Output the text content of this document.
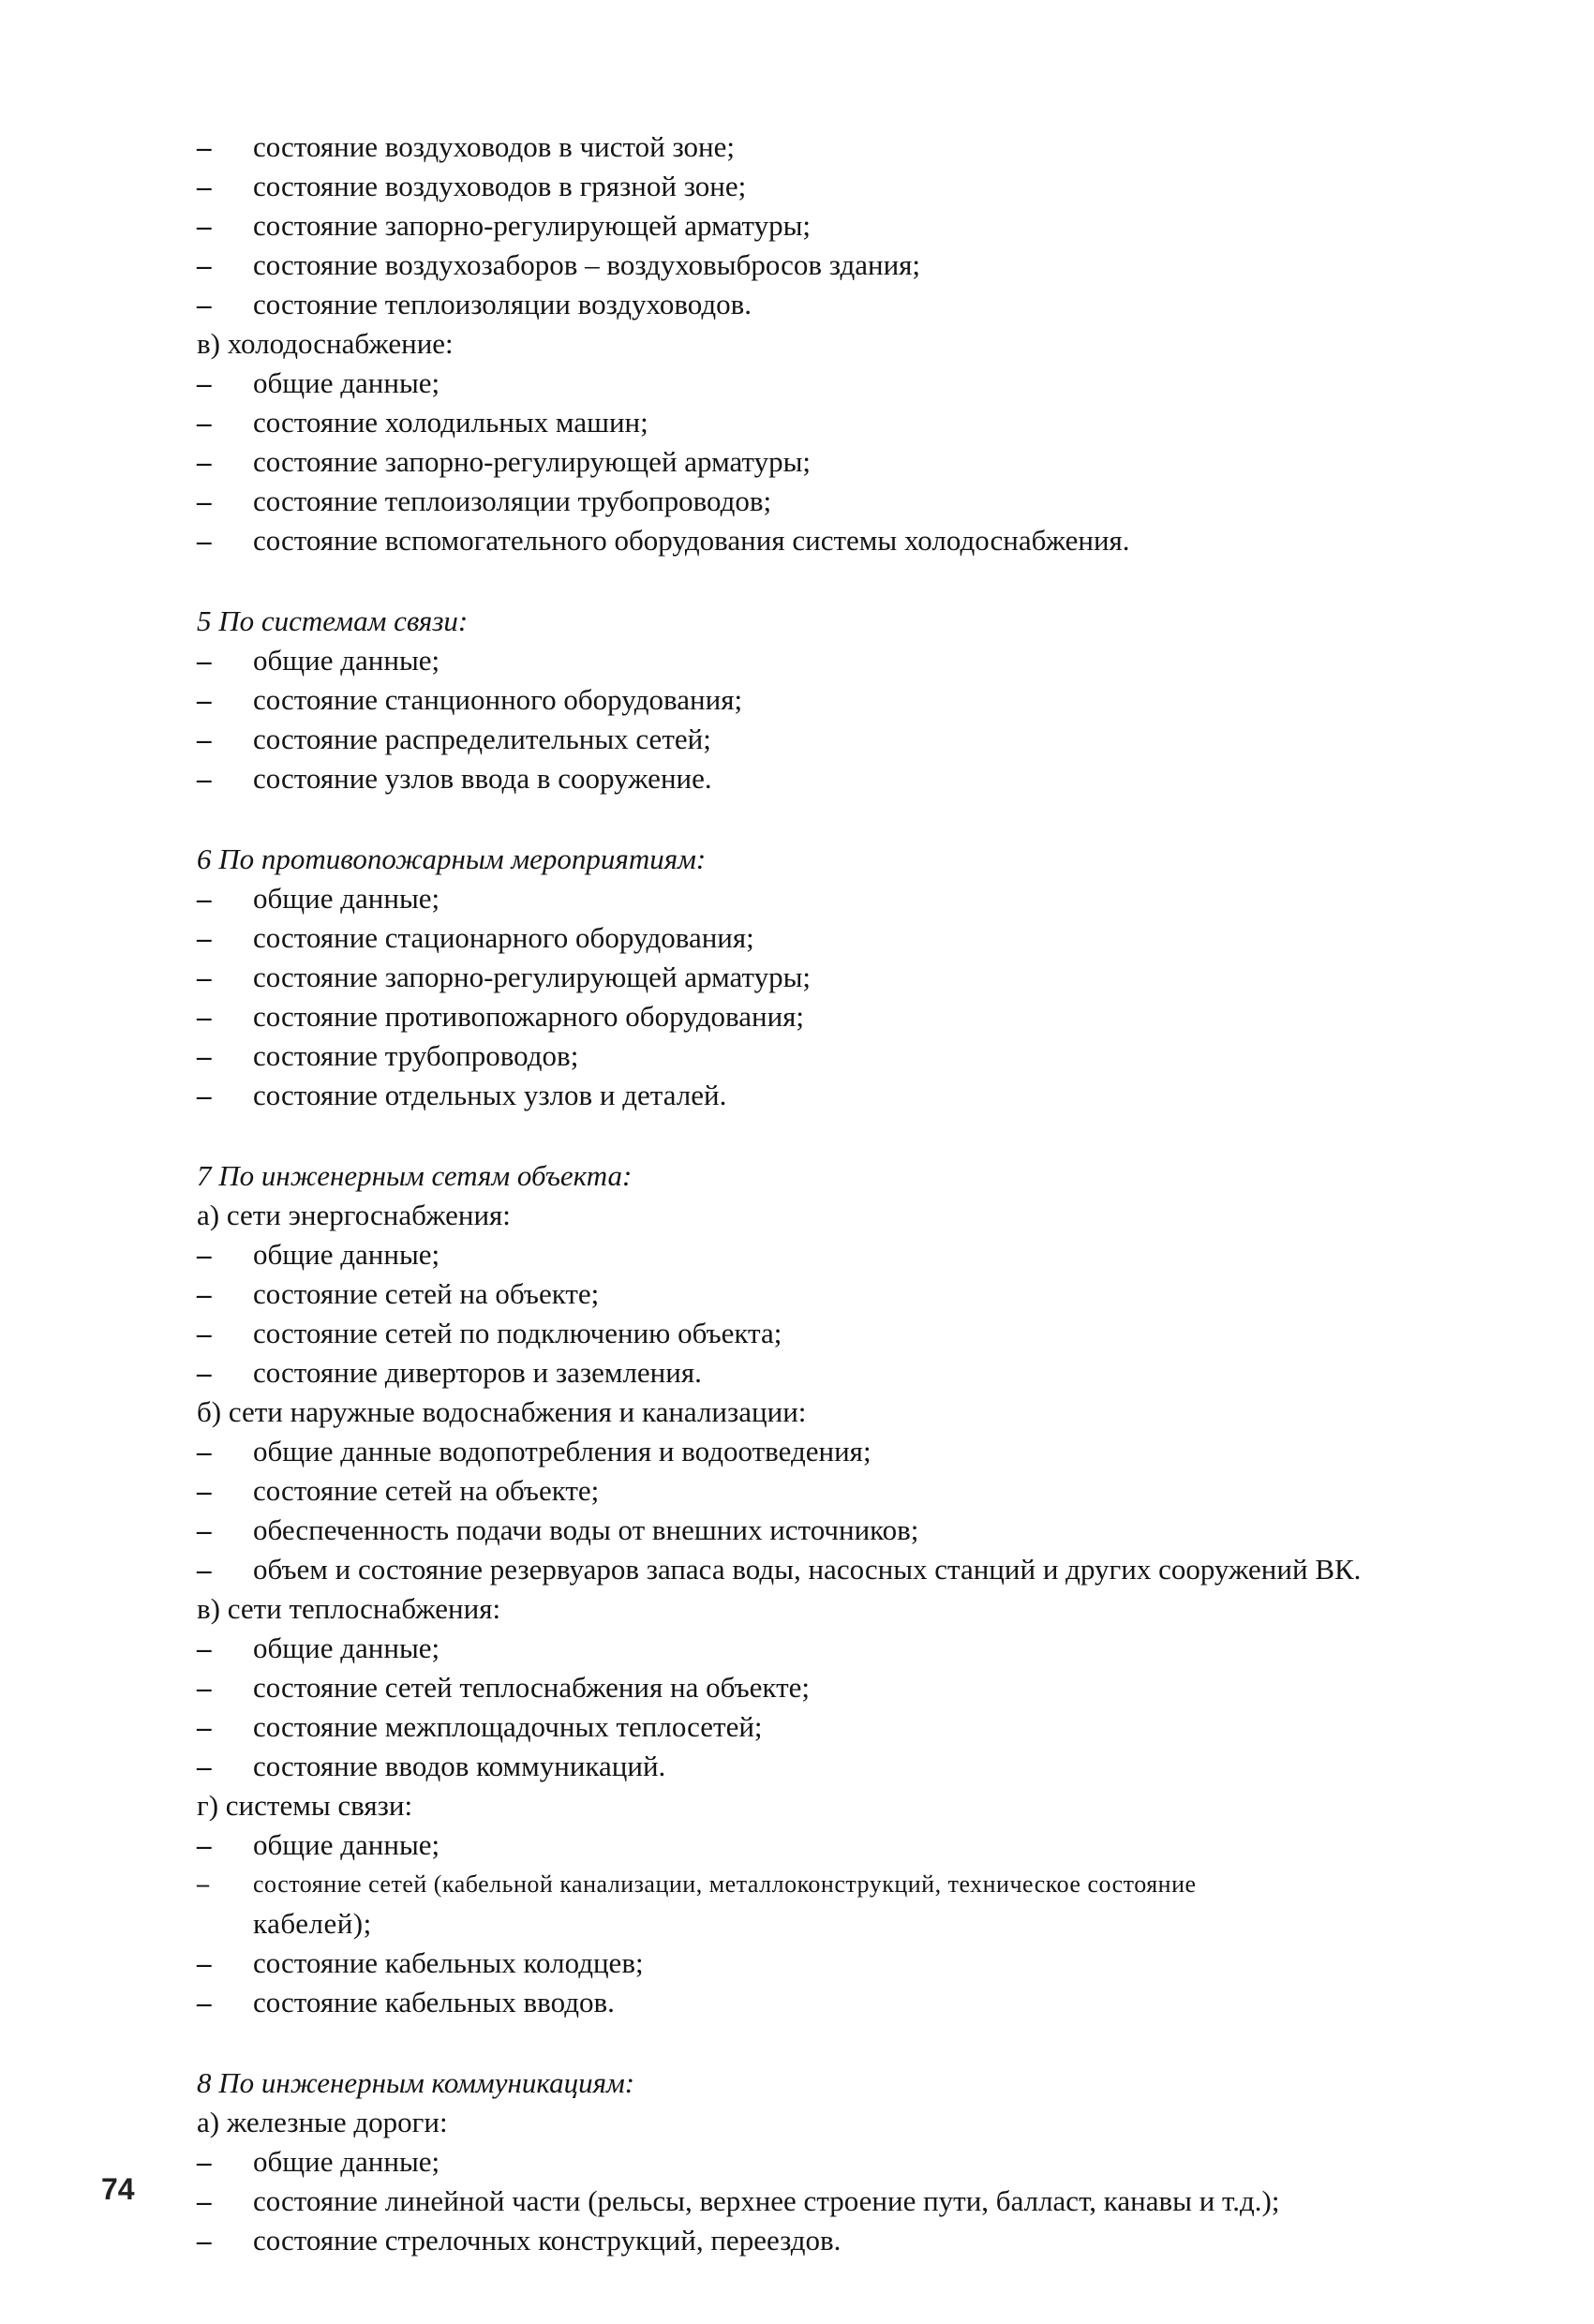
– состояние воздуховодов в чистой зоне;
– состояние воздуховодов в грязной зоне;
– состояние запорно-регулирующей арматуры;
– состояние воздухозаборов – воздуховыбросов здания;
– состояние теплоизоляции воздуховодов.
в) холодоснабжение:
– общие данные;
– состояние холодильных машин;
– состояние запорно-регулирующей арматуры;
– состояние теплоизоляции трубопроводов;
– состояние вспомогательного оборудования системы холодоснабжения.
5 По системам связи:
– общие данные;
– состояние станционного оборудования;
– состояние распределительных сетей;
– состояние узлов ввода в сооружение.
6 По противопожарным мероприятиям:
– общие данные;
– состояние стационарного оборудования;
– состояние запорно-регулирующей арматуры;
– состояние противопожарного оборудования;
– состояние трубопроводов;
– состояние отдельных узлов и деталей.
7 По инженерным сетям объекта:
а) сети энергоснабжения:
– общие данные;
– состояние сетей на объекте;
– состояние сетей по подключению объекта;
– состояние диверторов и заземления.
б) сети наружные водоснабжения и канализации:
– общие данные водопотребления и водоотведения;
– состояние сетей на объекте;
– обеспеченность подачи воды от внешних источников;
– объем и состояние резервуаров запаса воды, насосных станций и других сооружений ВК.
в) сети теплоснабжения:
– общие данные;
– состояние сетей теплоснабжения на объекте;
– состояние межплощадочных теплосетей;
– состояние вводов коммуникаций.
г) системы связи:
– общие данные;
– состояние сетей (кабельной канализации, металлоконструкций, техническое состояние
кабелей);
– состояние кабельных колодцев;
– состояние кабельных вводов.
8 По инженерным коммуникациям:
а) железные дороги:
– общие данные;
– состояние линейной части (рельсы, верхнее строение пути, балласт, канавы и т.д.);
– состояние стрелочных конструкций, переездов.
74
